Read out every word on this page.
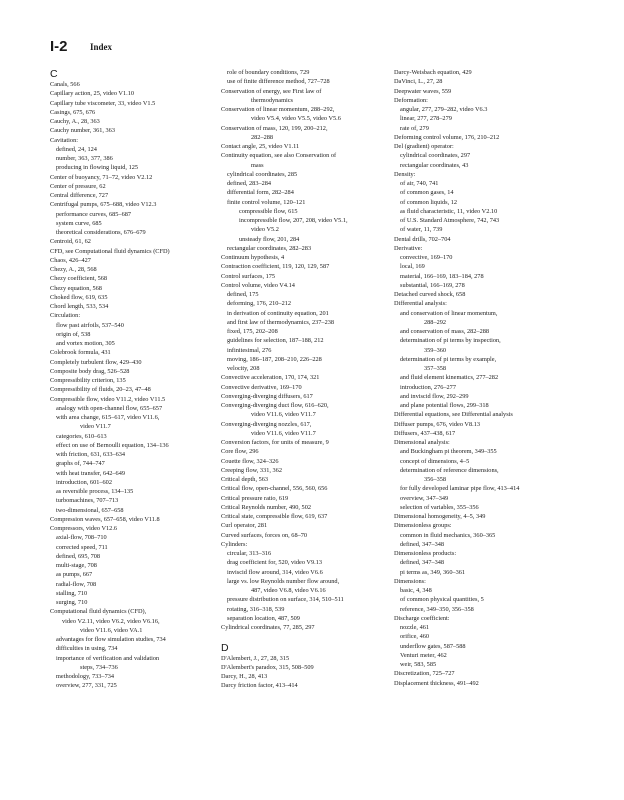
I-2 Index
C
Canals, 566
Capillary action, 25, video V1.10
Capillary tube viscometer, 33, video V1.5
Casings, 675, 676
Cauchy, A., 28, 363
Cauchy number, 361, 363
Cavitation:
defined, 24, 124
number, 363, 377, 386
producing in flowing liquid, 125
Center of buoyancy, 71–72, video V2.12
Center of pressure, 62
Central difference, 727
Centrifugal pumps, 675–688, video V12.3
performance curves, 685–687
system curve, 685
theoretical considerations, 676–679
Centroid, 61, 62
CFD, see Computational fluid dynamics (CFD)
Chaos, 426–427
Chezy, A., 28, 568
Chezy coefficient, 568
Chezy equation, 568
Choked flow, 619, 635
Chord length, 533, 534
Circulation:
flow past airfoils, 537–540
origin of, 538
and vortex motion, 305
Colebrook formula, 431
Completely turbulent flow, 429–430
Composite body drag, 526–528
Compressibility criterion, 135
Compressibility of fluids, 20–23, 47–48
Compressible flow, video V11.2, video V11.5
analogy with open-channel flow, 655–657
with area change, 615–617, video V11.6,
video V11.7
categories, 610–613
effect on use of Bernoulli equation, 134–136
with friction, 631, 633–634
graphs of, 744–747
with heat transfer, 642–649
introduction, 601–602
as reversible process, 134–135
turbomachines, 707–713
two-dimensional, 657–658
Compression waves, 657–658, video V11.8
Compressors, video V12.6
axial-flow, 708–710
corrected speed, 711
defined, 695, 708
multi-stage, 708
as pumps, 667
radial-flow, 708
stalling, 710
surging, 710
Computational fluid dynamics (CFD),
video V2.11, video V6.2, video V6.16,
video V11.6, video VA.1
advantages for flow simulation studies, 734
difficulties in using, 734
importance of verification and validation
steps, 734–736
methodology, 733–734
overview, 277, 331, 725
role of boundary conditions, 729
use of finite difference method, 727–728
Conservation of energy, see First law of
thermodynamics
Conservation of linear momentum, 288–292,
video V5.4, video V5.5, video V5.6
Conservation of mass, 120, 199, 200–212,
282–288
Contact angle, 25, video V1.11
Continuity equation, see also Conservation of
mass
cylindrical coordinates, 285
defined, 283–284
differential form, 282–284
finite control volume, 120–121
compressible flow, 615
incompressible flow, 207, 208, video V5.1,
video V5.2
unsteady flow, 201, 284
rectangular coordinates, 282–283
Continuum hypothesis, 4
Contraction coefficient, 119, 120, 129, 587
Control surfaces, 175
Control volume, video V4.14
defined, 175
deforming, 176, 210–212
in derivation of continuity equation, 201
and first law of thermodynamics, 237–238
fixed, 175, 202–208
guidelines for selection, 187–188, 212
infinitesimal, 276
moving, 186–187, 208–210, 226–228
velocity, 208
Convective acceleration, 170, 174, 321
Convective derivative, 169–170
Converging-diverging diffusers, 617
Converging-diverging duct flow, 616–620,
video V11.6, video V11.7
Converging-diverging nozzles, 617,
video V11.6, video V11.7
Conversion factors, for units of measure, 9
Core flow, 296
Couette flow, 324–326
Creeping flow, 331, 362
Critical depth, 563
Critical flow, open-channel, 556, 560, 656
Critical pressure ratio, 619
Critical Reynolds number, 490, 502
Critical state, compressible flow, 619, 637
Curl operator, 281
Curved surfaces, forces on, 68–70
Cylinders:
circular, 313–316
drag coefficient for, 520, video V9.13
inviscid flow around, 314, video V6.6
large vs. low Reynolds number flow around,
487, video V6.8, video V6.16
pressure distribution on surface, 314, 510–511
rotating, 316–318, 539
separation location, 487, 509
Cylindrical coordinates, 77, 285, 297
D
D'Alembert, J., 27, 28, 315
D'Alembert's paradox, 315, 508–509
Darcy, H., 28, 413
Darcy friction factor, 413–414
Darcy-Weisbach equation, 429
DaVinci, L., 27, 28
Deepwater waves, 559
Deformation:
angular, 277, 279–282, video V6.3
linear, 277, 278–279
rate of, 279
Deforming control volume, 176, 210–212
Del (gradient) operator:
cylindrical coordinates, 297
rectangular coordinates, 43
Density:
of air, 740, 741
of common gases, 14
of common liquids, 12
as fluid characteristic, 11, video V2.10
of U.S. Standard Atmosphere, 742, 743
of water, 11, 739
Dental drills, 702–704
Derivative:
convective, 169–170
local, 169
material, 166–169, 183–184, 278
substantial, 166–169, 278
Detached curved shock, 658
Differential analysis:
and conservation of linear momentum,
288–292
and conservation of mass, 282–288
determination of pi terms by inspection,
359–360
determination of pi terms by example,
357–358
and fluid element kinematics, 277–282
introduction, 276–277
and inviscid flow, 292–299
and plane potential flows, 299–318
Differential equations, see Differential analysis
Diffuser pumps, 676, video V8.13
Diffusers, 437–438, 617
Dimensional analysis:
and Buckingham pi theorem, 349–355
concept of dimensions, 4–5
determination of reference dimensions,
356–358
for fully developed laminar pipe flow, 413–414
overview, 347–349
selection of variables, 355–356
Dimensional homogeneity, 4–5, 349
Dimensionless groups:
common in fluid mechanics, 360–365
defined, 347–348
Dimensionless products:
defined, 347–348
pi terms as, 349, 360–361
Dimensions:
basic, 4, 348
of common physical quantities, 5
reference, 349–350, 356–358
Discharge coefficient:
nozzle, 461
orifice, 460
underflow gates, 587–588
Venturi meter, 462
weir, 583, 585
Discretization, 725–727
Displacement thickness, 491–492
